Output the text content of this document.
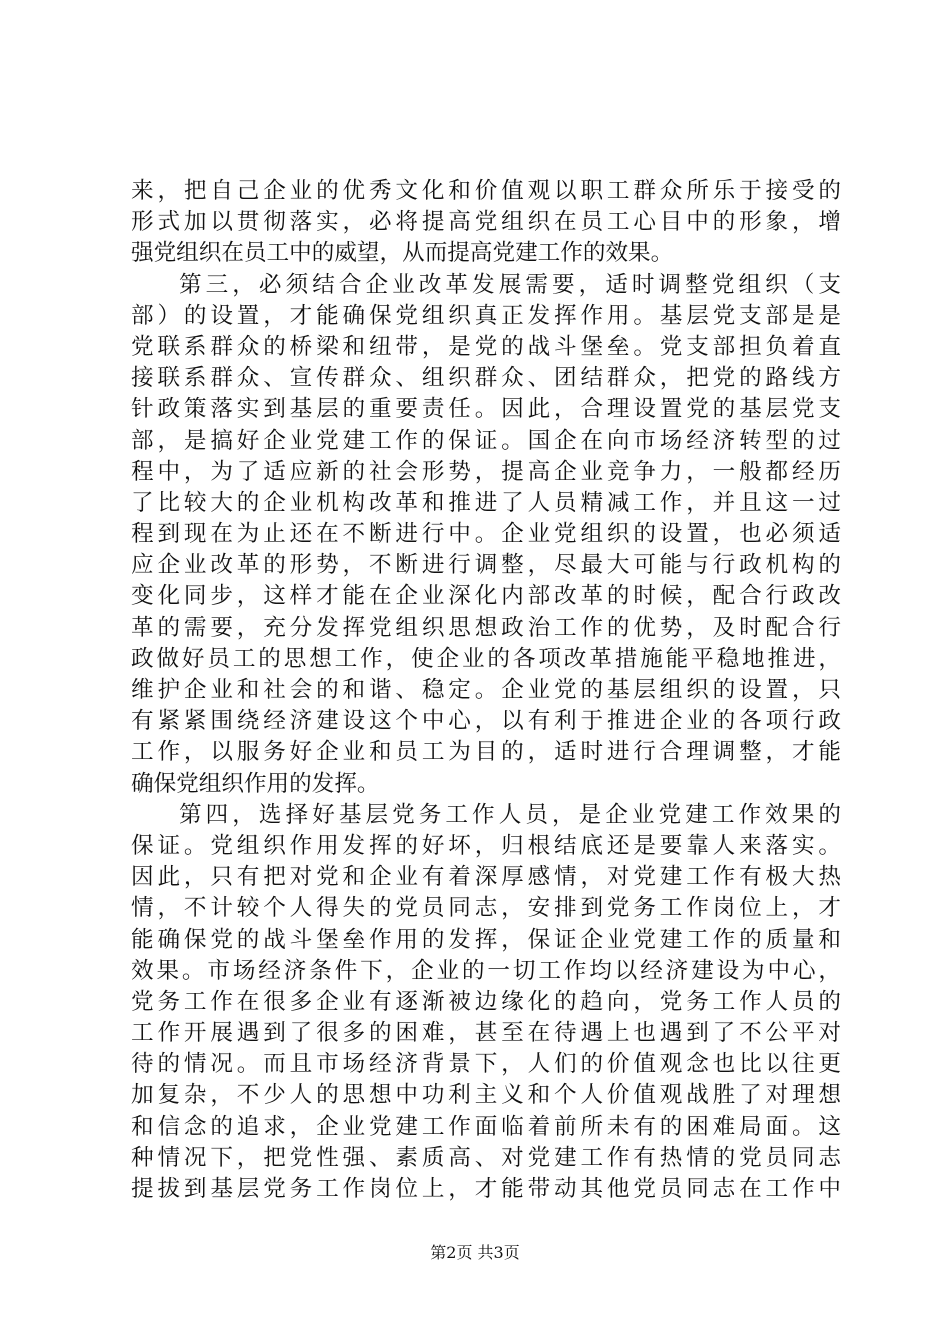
来，把自己企业的优秀文化和价值观以职工群众所乐于接受的
形式加以贯彻落实，必将提高党组织在员工心目中的形象，增
强党组织在员工中的威望，从而提高党建工作的效果。
第三，必须结合企业改革发展需要，适时调整党组织（支
部）的设置，才能确保党组织真正发挥作用。基层党支部是是
党联系群众的桥梁和纽带，是党的战斗堡垒。党支部担负着直
接联系群众、宣传群众、组织群众、团结群众，把党的路线方
针政策落实到基层的重要责任。因此，合理设置党的基层党支
部，是搞好企业党建工作的保证。国企在向市场经济转型的过
程中，为了适应新的社会形势，提高企业竞争力，一般都经历
了比较大的企业机构改革和推进了人员精减工作，并且这一过
程到现在为止还在不断进行中。企业党组织的设置，也必须适
应企业改革的形势，不断进行调整，尽最大可能与行政机构的
变化同步，这样才能在企业深化内部改革的时候，配合行政改
革的需要，充分发挥党组织思想政治工作的优势，及时配合行
政做好员工的思想工作，使企业的各项改革措施能平稳地推进，
维护企业和社会的和谐、稳定。企业党的基层组织的设置，只
有紧紧围绕经济建设这个中心，以有利于推进企业的各项行政
工作，以服务好企业和员工为目的，适时进行合理调整，才能
确保党组织作用的发挥。
第四，选择好基层党务工作人员，是企业党建工作效果的
保证。党组织作用发挥的好坏，归根结底还是要靠人来落实。
因此，只有把对党和企业有着深厚感情，对党建工作有极大热
情，不计较个人得失的党员同志，安排到党务工作岗位上，才
能确保党的战斗堡垒作用的发挥，保证企业党建工作的质量和
效果。市场经济条件下，企业的一切工作均以经济建设为中心，
党务工作在很多企业有逐渐被边缘化的趋向，党务工作人员的
工作开展遇到了很多的困难，甚至在待遇上也遇到了不公平对
待的情况。而且市场经济背景下，人们的价值观念也比以往更
加复杂，不少人的思想中功利主义和个人价值观战胜了对理想
和信念的追求，企业党建工作面临着前所未有的困难局面。这
种情况下，把党性强、素质高、对党建工作有热情的党员同志
提拔到基层党务工作岗位上，才能带动其他党员同志在工作中
第2页 共3页
